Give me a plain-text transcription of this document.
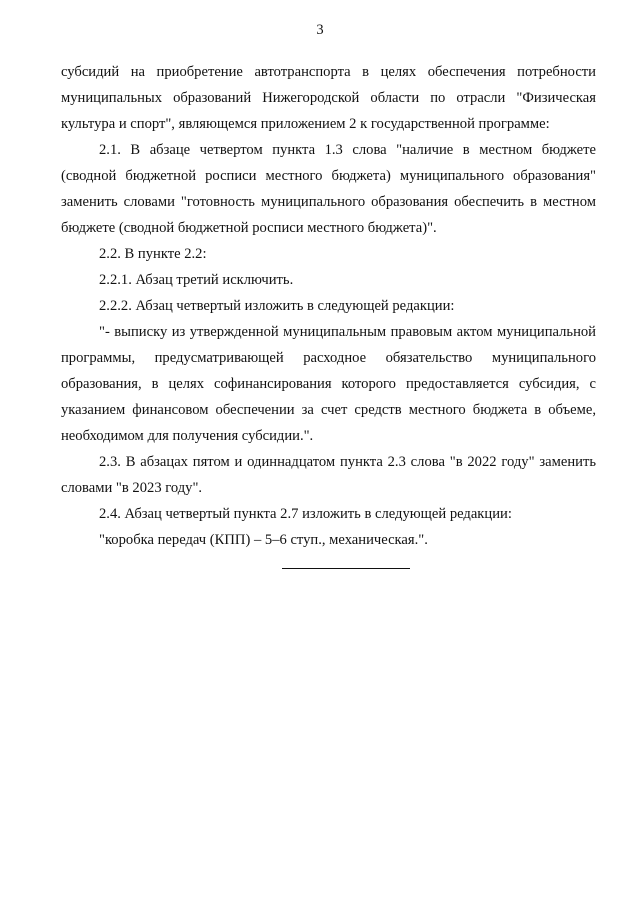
3

субсидий на приобретение автотранспорта в целях обеспечения потребности муниципальных образований Нижегородской области по отрасли "Физическая культура и спорт", являющемся приложением 2 к государственной программе:

2.1. В абзаце четвертом пункта 1.3 слова "наличие в местном бюджете (сводной бюджетной росписи местного бюджета) муниципального образования" заменить словами "готовность муниципального образования обеспечить в местном бюджете (сводной бюджетной росписи местного бюджета)".

2.2. В пункте 2.2:

2.2.1. Абзац третий исключить.

2.2.2. Абзац четвертый изложить в следующей редакции:

"- выписку из утвержденной муниципальным правовым актом муниципальной программы, предусматривающей расходное обязательство муниципального образования, в целях софинансирования которого предоставляется субсидия, с указанием финансовом обеспечении за счет средств местного бюджета в объеме, необходимом для получения субсидии.".

2.3. В абзацах пятом и одиннадцатом пункта 2.3 слова "в 2022 году" заменить словами "в 2023 году".

2.4. Абзац четвертый пункта 2.7 изложить в следующей редакции:

"коробка передач (КПП) – 5–6 ступ., механическая.".
